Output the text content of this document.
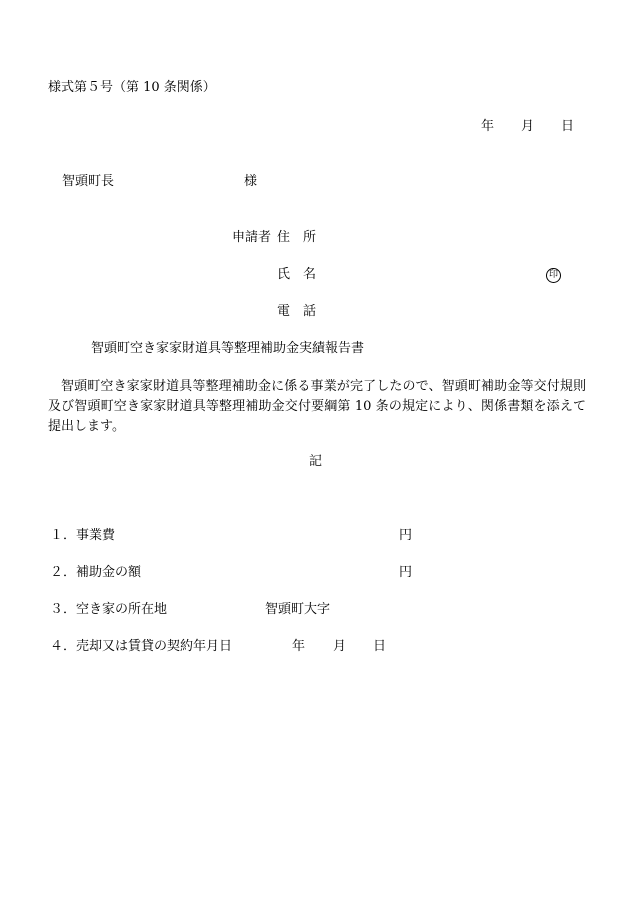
様式第５号（第 10 条関係）
年 月 日
智頭町長	様
申請者 住　所
氏　名	印
電　話
智頭町空き家家財道具等整理補助金実績報告書
智頭町空き家家財道具等整理補助金に係る事業が完了したので、智頭町補助金等交付規則及び智頭町空き家家財道具等整理補助金交付要綱第 10 条の規定により、関係書類を添えて提出します。
記
１． 事業費	円
２． 補助金の額	円
３． 空き家の所在地	智頭町大字
４． 売却又は賃貸の契約年月日	年 月 日
